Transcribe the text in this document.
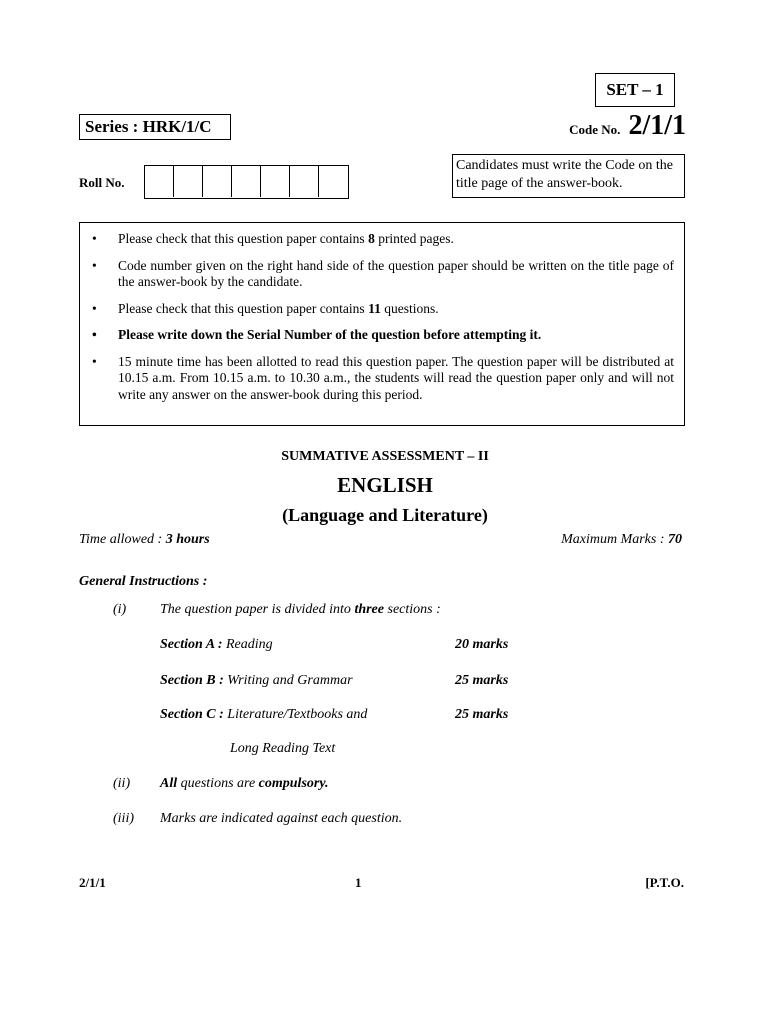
SET – 1
Series : HRK/1/C	Code No. 2/1/1
Roll No.
Candidates must write the Code on the title page of the answer-book.
• Please check that this question paper contains 8 printed pages.
• Code number given on the right hand side of the question paper should be written on the title page of the answer-book by the candidate.
• Please check that this question paper contains 11 questions.
• Please write down the Serial Number of the question before attempting it.
• 15 minute time has been allotted to read this question paper. The question paper will be distributed at 10.15 a.m. From 10.15 a.m. to 10.30 a.m., the students will read the question paper only and will not write any answer on the answer-book during this period.
SUMMATIVE ASSESSMENT – II
ENGLISH
(Language and Literature)
Time allowed : 3 hours	Maximum Marks : 70
General Instructions :
(i) The question paper is divided into three sections :
Section A : Reading	20 marks
Section B : Writing and Grammar	25 marks
Section C : Literature/Textbooks and	25 marks
Long Reading Text
(ii) All questions are compulsory.
(iii) Marks are indicated against each question.
2/1/1	1	[P.T.O.
